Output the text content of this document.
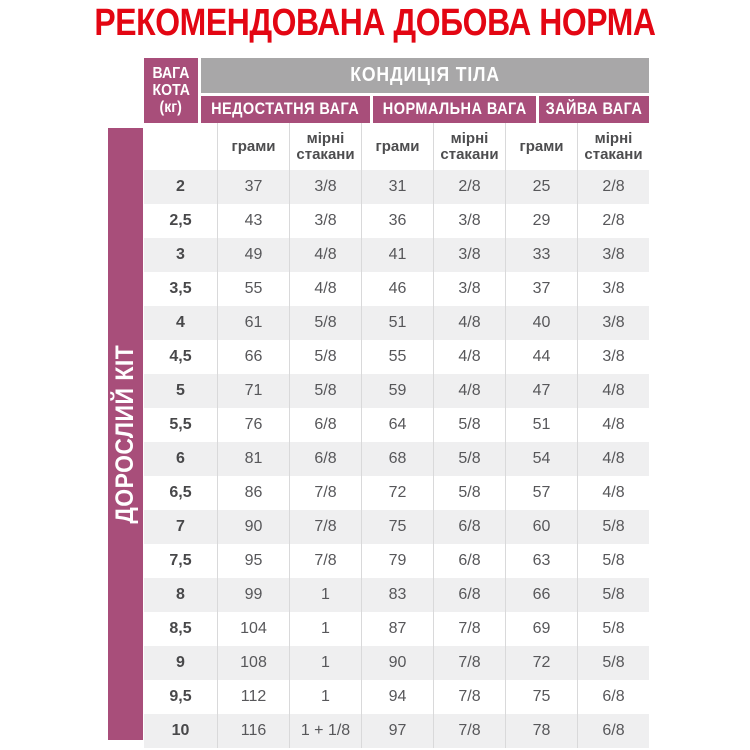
РЕКОМЕНДОВАНА ДОБОВА НОРМА
ДОРОСЛИЙ КІТ
ВАГА
КОТА
(кг)
КОНДИЦІЯ ТІЛА
НЕДОСТАТНЯ ВАГА НОРМАЛЬНА ВАГА ЗАЙВА ВАГА
грами	мірні стакани	грами	мірні стакани	грами	мірні стакани
2	37	3/8	31	2/8	25	2/8
2,5	43	3/8	36	3/8	29	2/8
3	49	4/8	41	3/8	33	3/8
3,5	55	4/8	46	3/8	37	3/8
4	61	5/8	51	4/8	40	3/8
4,5	66	5/8	55	4/8	44	3/8
5	71	5/8	59	4/8	47	4/8
5,5	76	6/8	64	5/8	51	4/8
6	81	6/8	68	5/8	54	4/8
6,5	86	7/8	72	5/8	57	4/8
7	90	7/8	75	6/8	60	5/8
7,5	95	7/8	79	6/8	63	5/8
8	99	1	83	6/8	66	5/8
8,5	104	1	87	7/8	69	5/8
9	108	1	90	7/8	72	5/8
9,5	112	1	94	7/8	75	6/8
10	116	1 + 1/8	97	7/8	78	6/8
